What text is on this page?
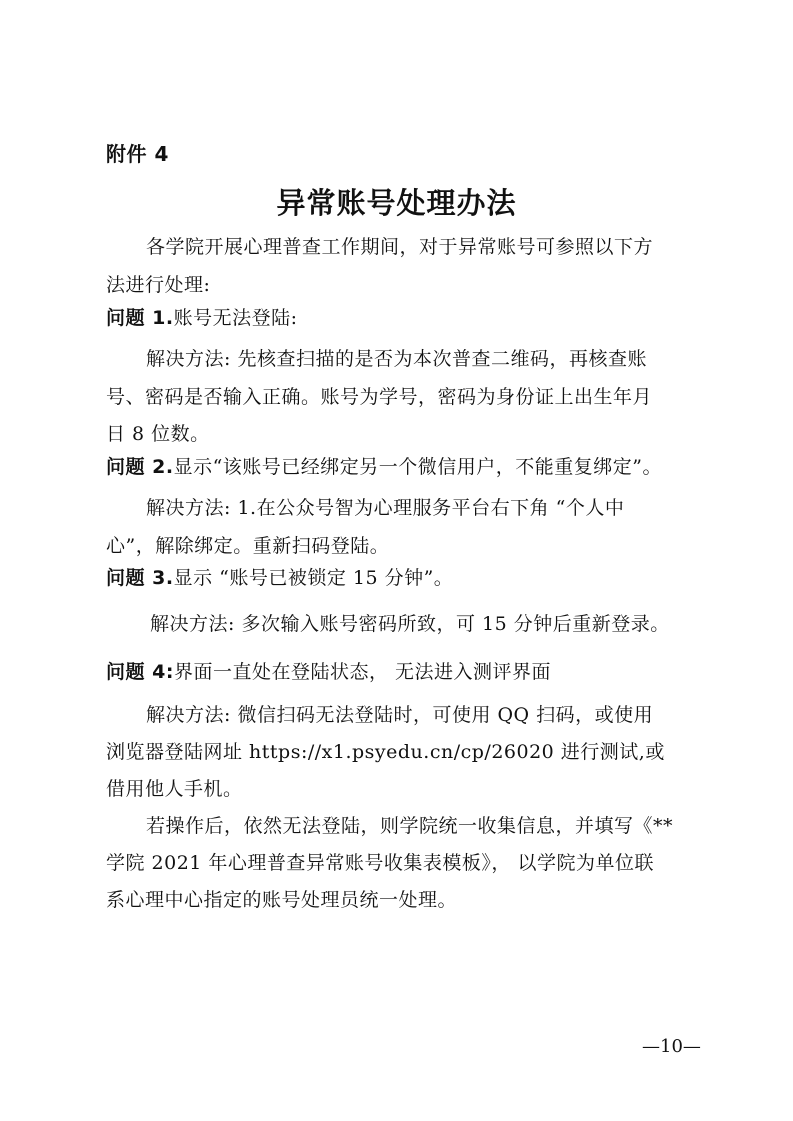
附件 4
异常账号处理办法
各学院开展心理普查工作期间，对于异常账号可参照以下方
法进行处理:
问题 1.账号无法登陆:
解决方法: 先核查扫描的是否为本次普查二维码，再核查账
号、密码是否输入正确。账号为学号，密码为身份证上出生年月
日 8 位数。
问题 2.显示“该账号已经绑定另一个微信用户，不能重复绑定”。
解决方法: 1.在公众号智为心理服务平台右下角 “个人中
心”，解除绑定。重新扫码登陆。
问题 3.显示 “账号已被锁定 15 分钟”。
解决方法: 多次输入账号密码所致，可 15 分钟后重新登录。
问题 4:界面一直处在登陆状态， 无法进入测评界面
解决方法: 微信扫码无法登陆时，可使用 QQ 扫码，或使用
浏览器登陆网址 https://x1.psyedu.cn/cp/26020 进行测试,或
借用他人手机。
若操作后，依然无法登陆，则学院统一收集信息，并填写《**
学院 2021 年心理普查异常账号收集表模板》， 以学院为单位联
系心理中心指定的账号处理员统一处理。
—10—
